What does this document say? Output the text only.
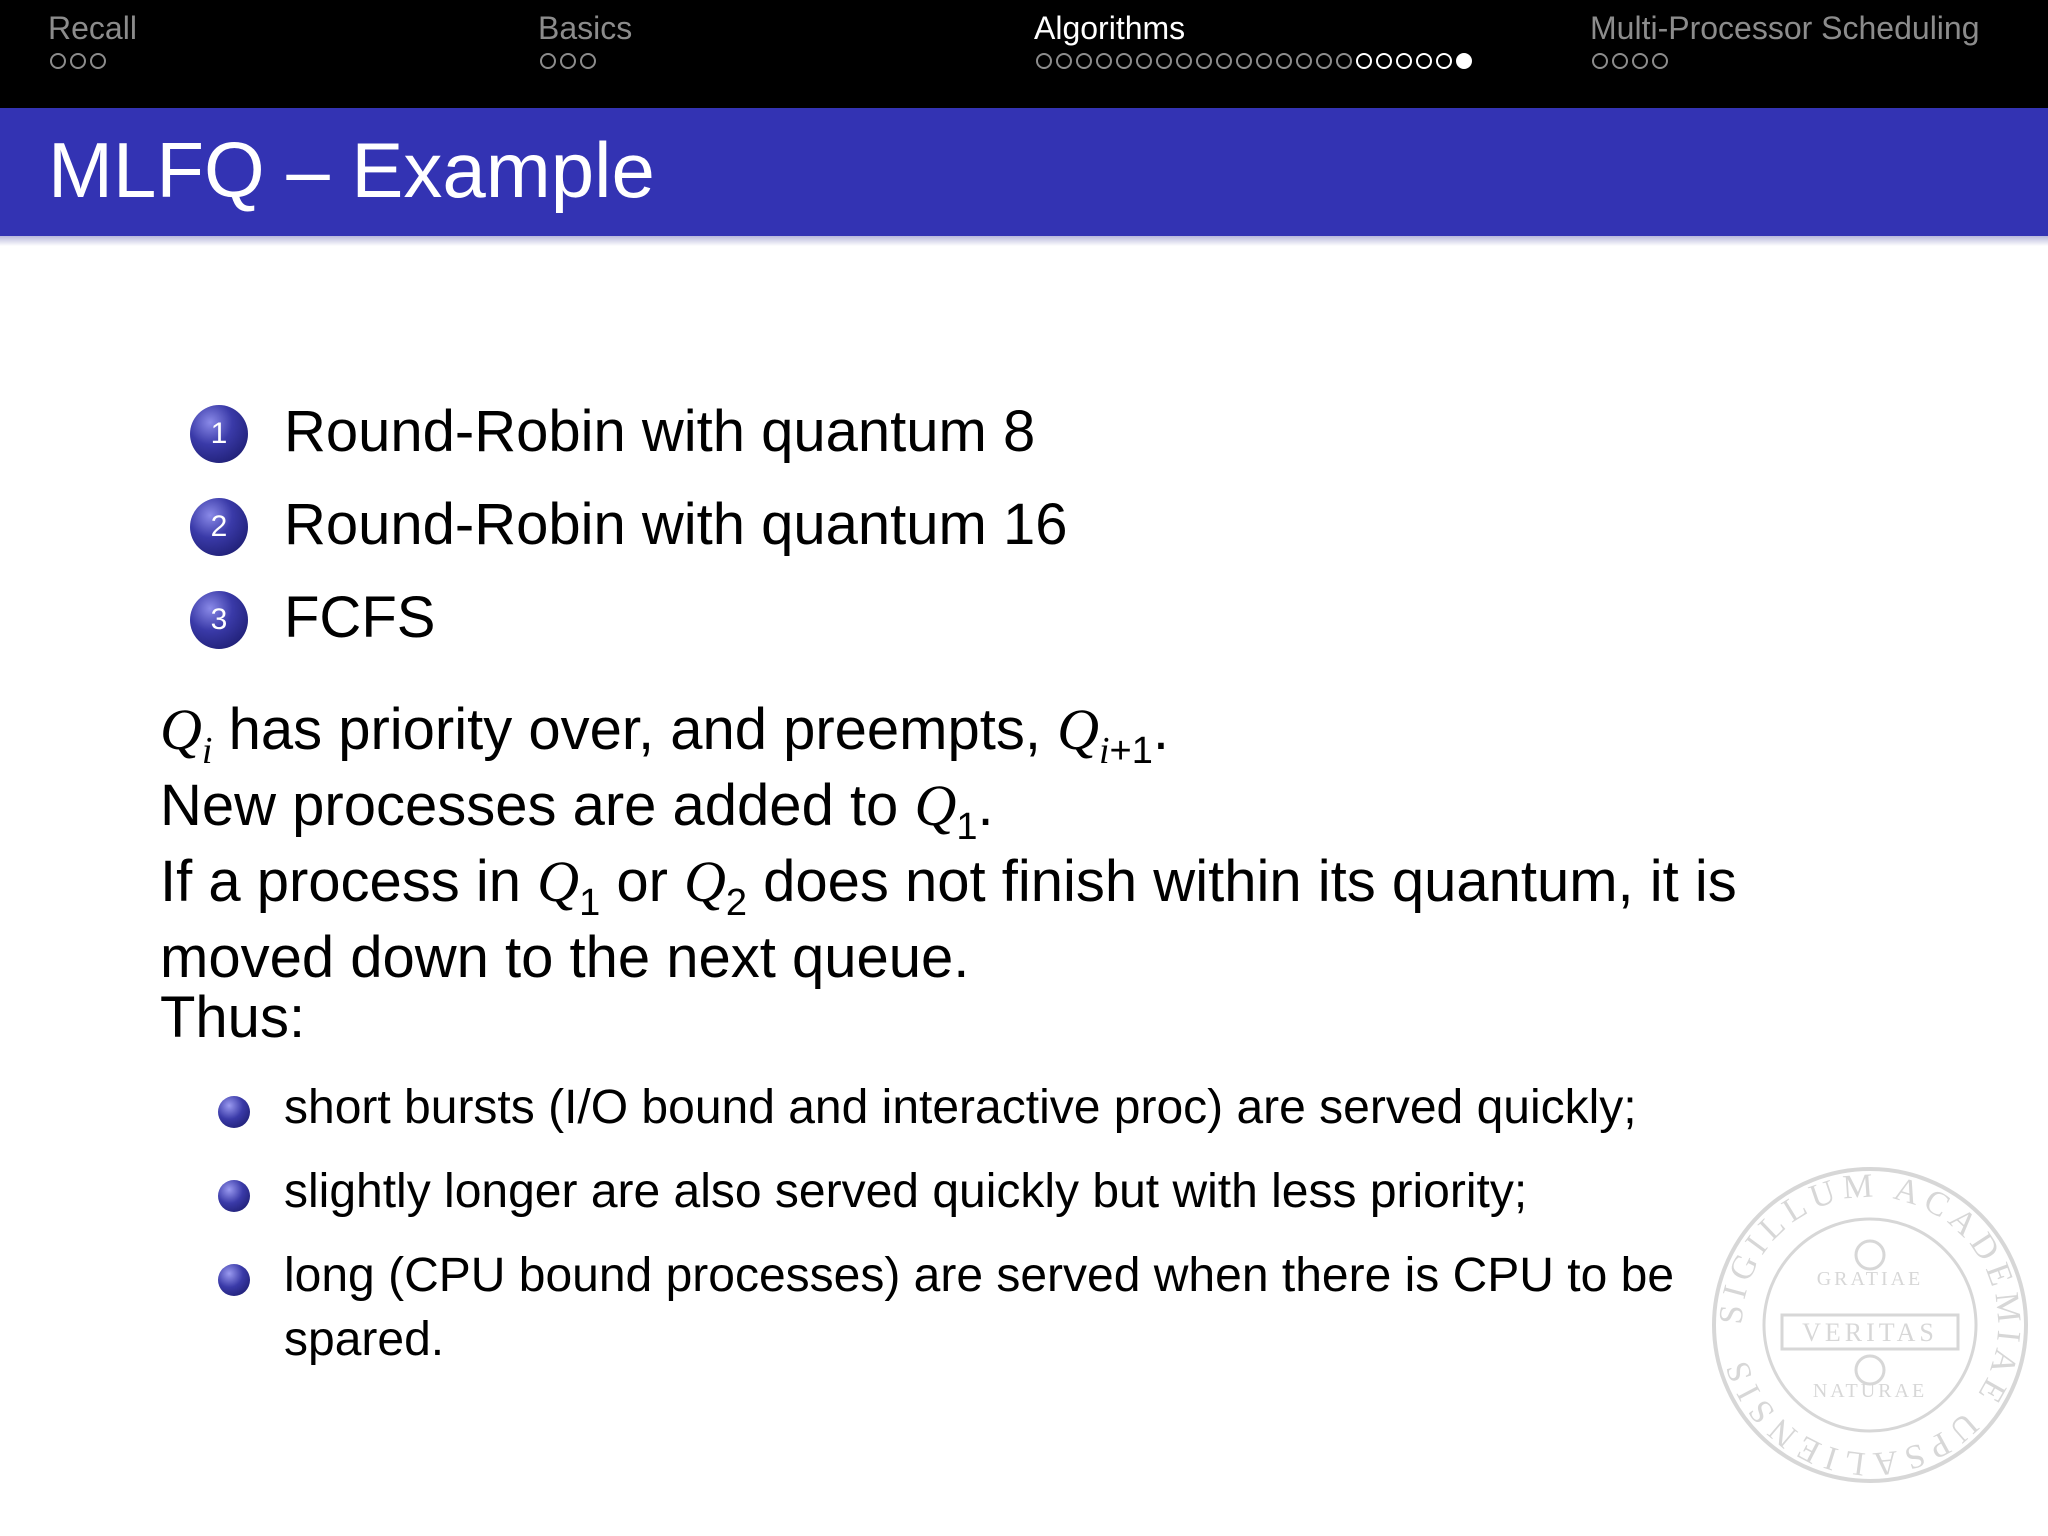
Recall	Basics	Algorithms	Multi-Processor Scheduling
MLFQ – Example
1 Round-Robin with quantum 8
2 Round-Robin with quantum 16
3 FCFS
$Q_i$ has priority over, and preempts, $Q_{i+1}$.
New processes are added to $Q_1$.
If a process in $Q_1$ or $Q_2$ does not finish within its quantum, it is
moved down to the next queue.
Thus:
short bursts (I/O bound and interactive proc) are served quickly;
slightly longer are also served quickly but with less priority;
long (CPU bound processes) are served when there is CPU to be spared.
SIGILLUM ACADEMIAE UPSALIENSIS
VERITAS
GRATIAE
NATURAE
